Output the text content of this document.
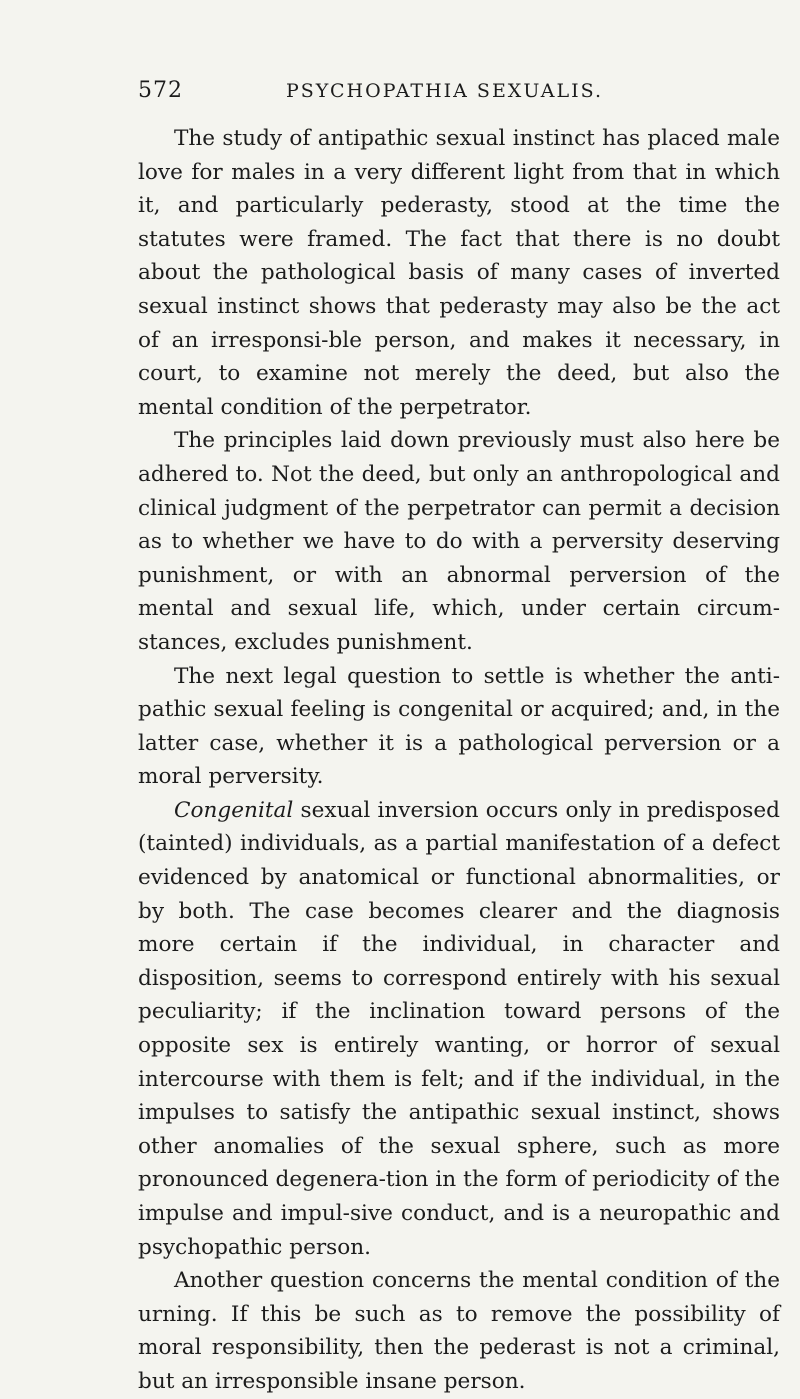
572	PSYCHOPATHIA SEXUALIS.

The study of antipathic sexual instinct has placed male love for males in a very different light from that in which it, and particularly pederasty, stood at the time the statutes were framed. The fact that there is no doubt about the pathological basis of many cases of inverted sexual instinct shows that pederasty may also be the act of an irresponsi-ble person, and makes it necessary, in court, to examine not merely the deed, but also the mental condition of the perpetrator.

The principles laid down previously must also here be adhered to. Not the deed, but only an anthropological and clinical judgment of the perpetrator can permit a decision as to whether we have to do with a perversity deserving punishment, or with an abnormal perversion of the mental and sexual life, which, under certain circum-stances, excludes punishment.

The next legal question to settle is whether the anti-pathic sexual feeling is congenital or acquired; and, in the latter case, whether it is a pathological perversion or a moral perversity.

Congenital sexual inversion occurs only in predisposed (tainted) individuals, as a partial manifestation of a defect evidenced by anatomical or functional abnormalities, or by both. The case becomes clearer and the diagnosis more certain if the individual, in character and disposition, seems to correspond entirely with his sexual peculiarity; if the inclination toward persons of the opposite sex is entirely wanting, or horror of sexual intercourse with them is felt; and if the individual, in the impulses to satisfy the antipathic sexual instinct, shows other anomalies of the sexual sphere, such as more pronounced degenera-tion in the form of periodicity of the impulse and impul-sive conduct, and is a neuropathic and psychopathic person.

Another question concerns the mental condition of the urning. If this be such as to remove the possibility of moral responsibility, then the pederast is not a criminal, but an irresponsible insane person.
